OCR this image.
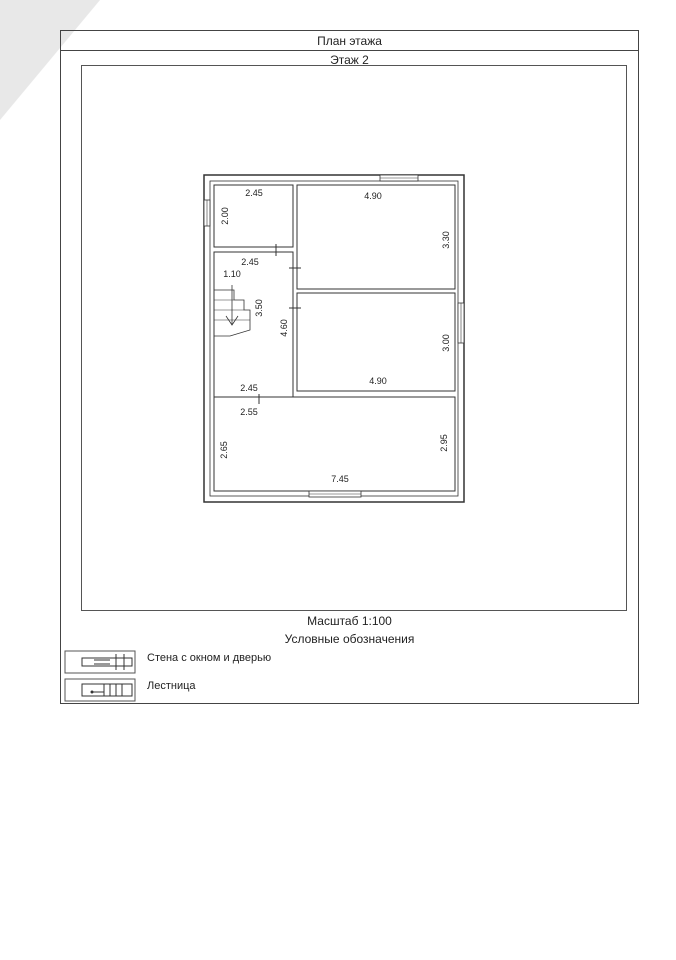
План этажа
Этаж 2
Масштаб 1:100
Условные обозначения
Стена с окном и дверью
Лестница
2.45
2.00
4.90
3.30
2.45
1.10
3.50
4.60
2.45
3.00
4.90
2.55
2.65	2.95
7.45
